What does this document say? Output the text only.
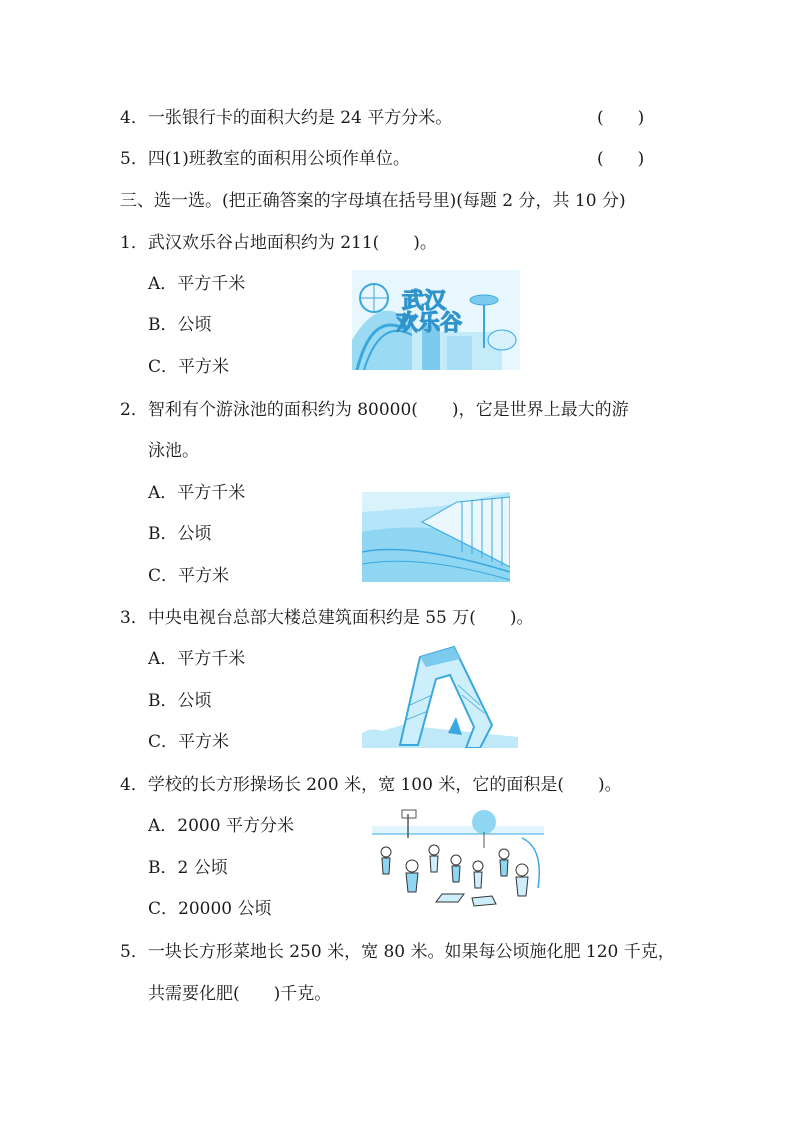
4．一张银行卡的面积大约是 24 平方分米。	(　　)
5．四(1)班教室的面积用公顷作单位。	(　　)
三、选一选。(把正确答案的字母填在括号里)(每题 2 分，共 10 分)
1．武汉欢乐谷占地面积约为 211(　　)。
A．平方千米
B．公顷
C．平方米
武汉
欢乐谷
2．智利有个游泳池的面积约为 80000(　　)，它是世界上最大的游
泳池。
A．平方千米
B．公顷
C．平方米
3．中央电视台总部大楼总建筑面积约是 55 万(　　)。
A．平方千米
B．公顷
C．平方米
4．学校的长方形操场长 200 米，宽 100 米，它的面积是(　　)。
A．2000 平方分米
B．2 公顷
C．20000 公顷
5．一块长方形菜地长 250 米，宽 80 米。如果每公顷施化肥 120 千克，
共需要化肥(　　)千克。
